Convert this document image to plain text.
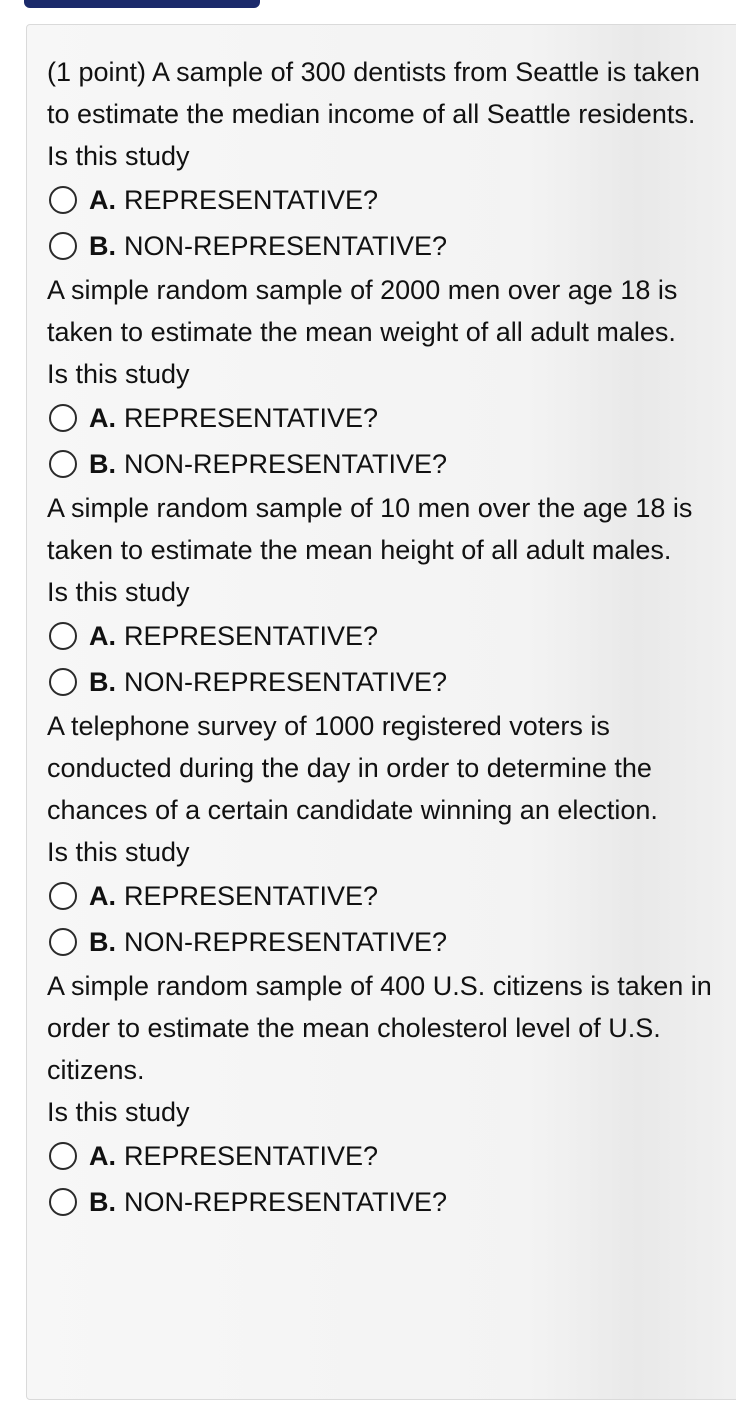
(1 point) A sample of 300 dentists from Seattle is taken to estimate the median income of all Seattle residents.

Is this study

A. REPRESENTATIVE?
B. NON-REPRESENTATIVE?

A simple random sample of 2000 men over age 18 is taken to estimate the mean weight of all adult males.

Is this study

A. REPRESENTATIVE?
B. NON-REPRESENTATIVE?

A simple random sample of 10 men over the age 18 is taken to estimate the mean height of all adult males.

Is this study

A. REPRESENTATIVE?
B. NON-REPRESENTATIVE?

A telephone survey of 1000 registered voters is conducted during the day in order to determine the chances of a certain candidate winning an election.

Is this study

A. REPRESENTATIVE?
B. NON-REPRESENTATIVE?

A simple random sample of 400 U.S. citizens is taken in order to estimate the mean cholesterol level of U.S. citizens.

Is this study

A. REPRESENTATIVE?
B. NON-REPRESENTATIVE?
